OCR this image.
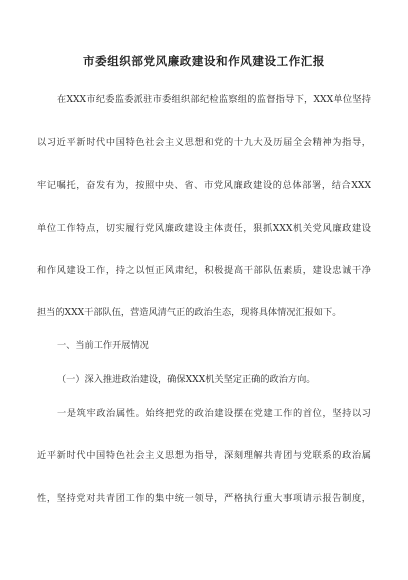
市委组织部党风廉政建设和作风建设工作汇报
在XXX市纪委监委派驻市委组织部纪检监察组的监督指导下，XXX单位坚持
以习近平新时代中国特色社会主义思想和党的十九大及历届全会精神为指导，
牢记嘱托，奋发有为，按照中央、省、市党风廉政建设的总体部署，结合XXX
单位工作特点，切实履行党风廉政建设主体责任，狠抓XXX机关党风廉政建设
和作风建设工作，持之以恒正风肃纪，积极提高干部队伍素质，建设忠诚干净
担当的XXX干部队伍，营造风清气正的政治生态，现将具体情况汇报如下。
一、当前工作开展情况
（一）深入推进政治建设，确保XXX机关坚定正确的政治方向。
一是筑牢政治属性。始终把党的政治建设摆在党建工作的首位，坚持以习
近平新时代中国特色社会主义思想为指导，深刻理解共青团与党联系的政治属
性，坚持党对共青团工作的集中统一领导，严格执行重大事项请示报告制度，
